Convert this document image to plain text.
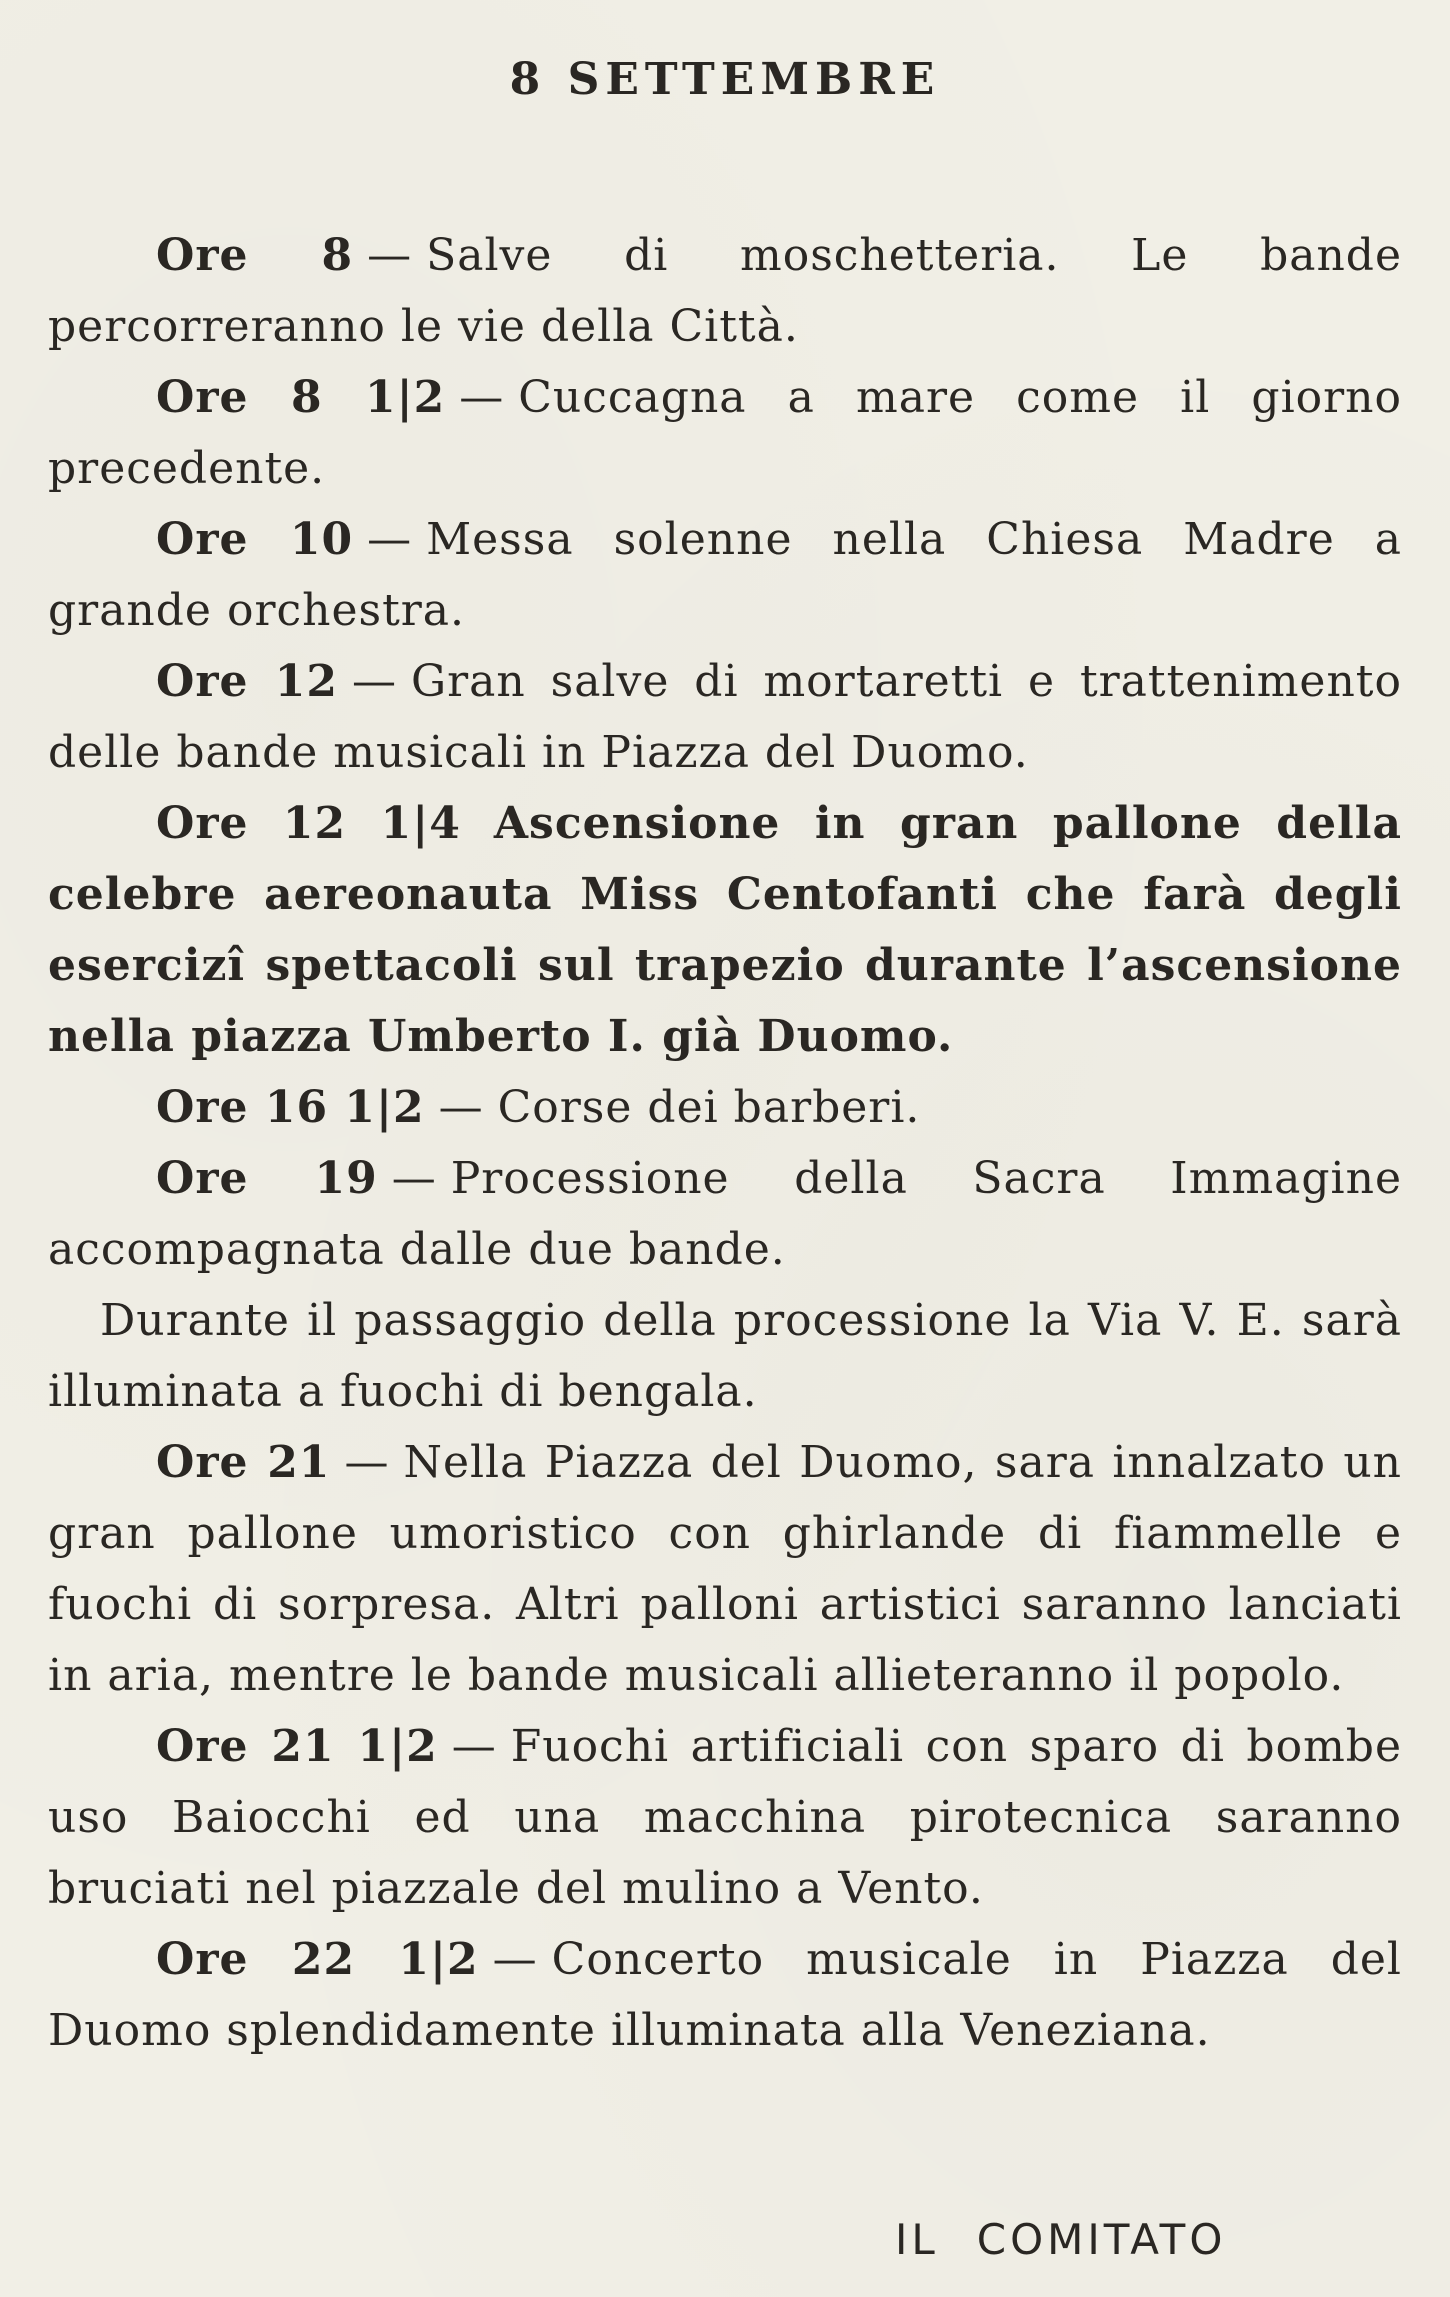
8 SETTEMBRE

Ore 8 — Salve di moschetteria. Le bande percorreranno le vie della Città.

Ore 8 1|2 — Cuccagna a mare come il giorno precedente.

Ore 10 — Messa solenne nella Chiesa Madre a grande orchestra.

Ore 12 — Gran salve di mortaretti e trattenimento delle bande musicali in Piazza del Duomo.

Ore 12 1|4 Ascensione in gran pallone della celebre aereonauta Miss Centofanti che farà degli esercizî spettacoli sul trapezio durante l’ascensione nella piazza Umberto I. già Duomo.

Ore 16 1|2 — Corse dei barberi.

Ore 19 — Processione della Sacra Immagine accompagnata dalle due bande.

Durante il passaggio della processione la Via V. E. sarà illuminata a fuochi di bengala.

Ore 21 — Nella Piazza del Duomo, sara innalzato un gran pallone umoristico con ghirlande di fiammelle e fuochi di sorpresa. Altri palloni artistici saranno lanciati in aria, mentre le bande musicali allieteranno il popolo.

Ore 21 1|2 — Fuochi artificiali con sparo di bombe uso Baiocchi ed una macchina pirotecnica saranno bruciati nel piazzale del mulino a Vento.

Ore 22 1|2 — Concerto musicale in Piazza del Duomo splendidamente illuminata alla Veneziana.

IL COMITATO
